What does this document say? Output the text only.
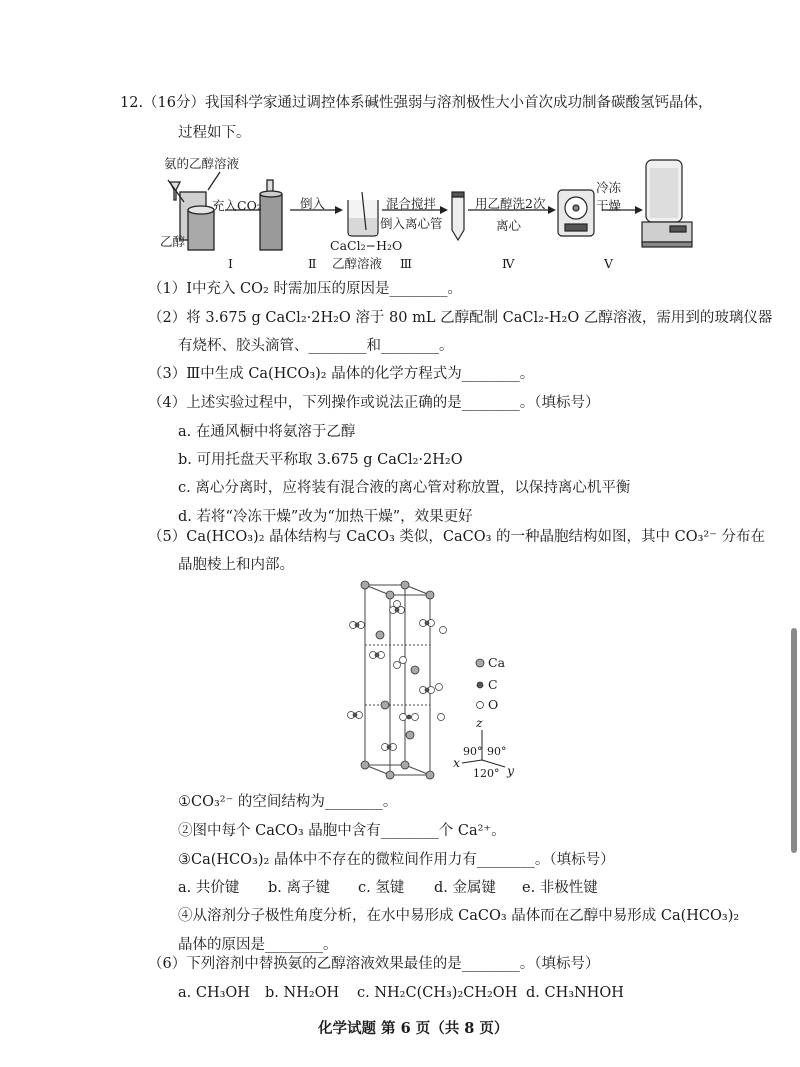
12.（16分）我国科学家通过调控体系碱性强弱与溶剂极性大小首次成功制备碳酸氢钙晶体，
过程如下。
氨的乙醇溶液
乙醇
充入CO₂	倒入	混合搅拌
倒入离心管
CaCl₂−H₂O
乙醇溶液
用乙醇洗2次
离心
冷冻
干燥
Ⅰ	Ⅱ	Ⅲ	Ⅳ	Ⅴ
（1）Ⅰ中充入 CO₂ 时需加压的原因是________。
（2）将 3.675 g CaCl₂·2H₂O 溶于 80 mL 乙醇配制 CaCl₂-H₂O 乙醇溶液，需用到的玻璃仪器
有烧杯、胶头滴管、________和________。
（3）Ⅲ中生成 Ca(HCO₃)₂ 晶体的化学方程式为________。
（4）上述实验过程中，下列操作或说法正确的是________。（填标号）
a. 在通风橱中将氨溶于乙醇
b. 可用托盘天平称取 3.675 g CaCl₂·2H₂O
c. 离心分离时，应将装有混合液的离心管对称放置，以保持离心机平衡
d. 若将“冷冻干燥”改为“加热干燥”，效果更好
（5）Ca(HCO₃)₂ 晶体结构与 CaCO₃ 类似，CaCO₃ 的一种晶胞结构如图，其中 CO₃²⁻ 分布在
晶胞棱上和内部。
Ca
C
O
z
x
y
90° 90°
120°
①CO₃²⁻ 的空间结构为________。
②图中每个 CaCO₃ 晶胞中含有________个 Ca²⁺。
③Ca(HCO₃)₂ 晶体中不存在的微粒间作用力有________。（填标号）
a. 共价键 b. 离子键 c. 氢键 d. 金属键 e. 非极性键
④从溶剂分子极性角度分析，在水中易形成 CaCO₃ 晶体而在乙醇中易形成 Ca(HCO₃)₂
晶体的原因是________。
（6）下列溶剂中替换氨的乙醇溶液效果最佳的是________。（填标号）
a. CH₃OH b. NH₂OH c. NH₂C(CH₃)₂CH₂OH d. CH₃NHOH
化学试题 第 6 页（共 8 页）
